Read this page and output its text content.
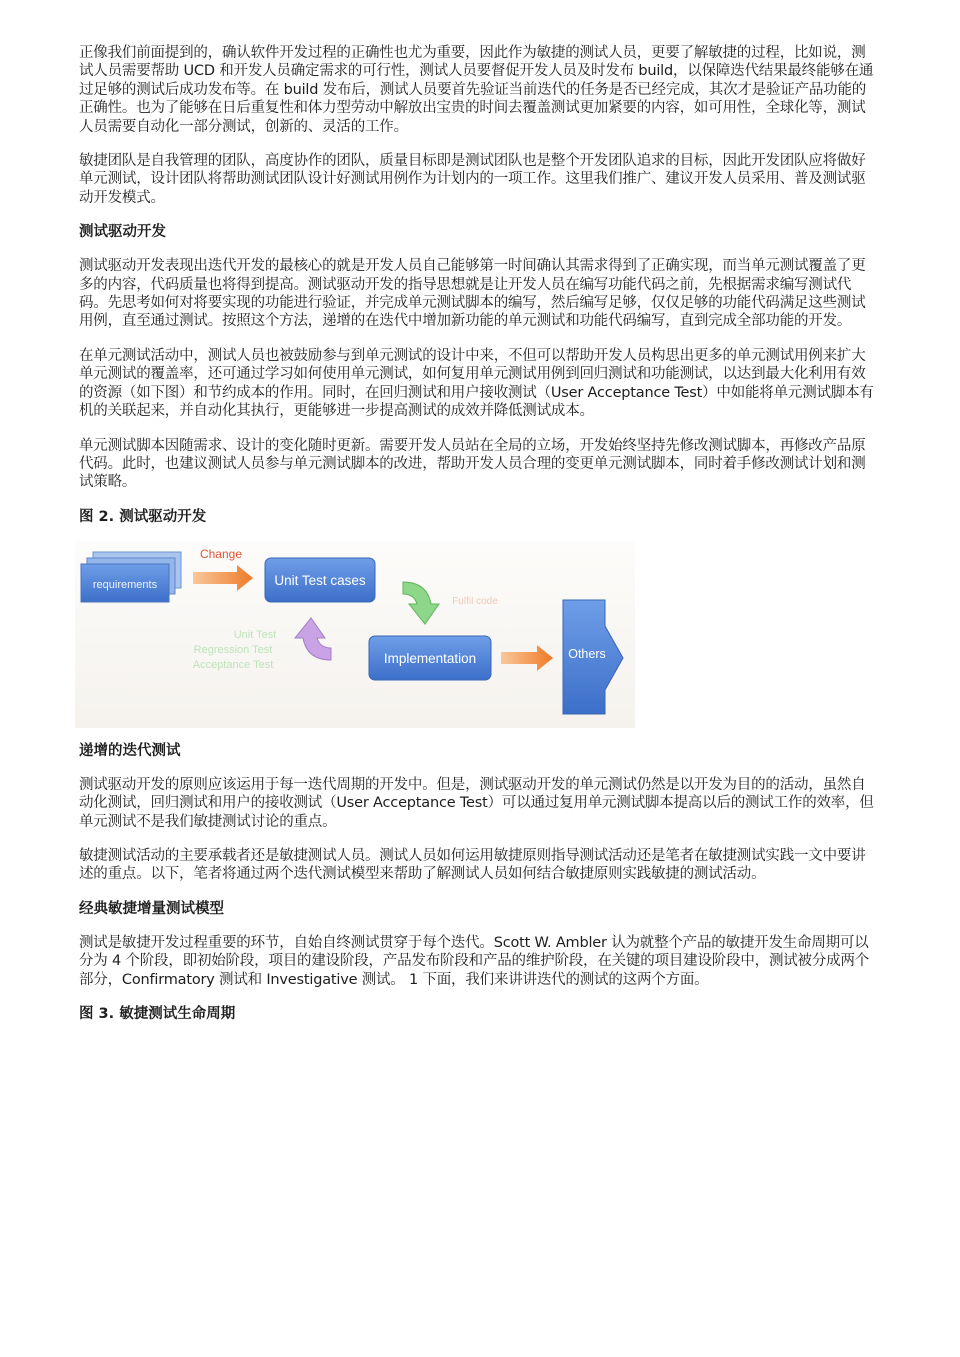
正像我们前面提到的，确认软件开发过程的正确性也尤为重要，因此作为敏捷的测试人员，更要了解敏捷的过程，比如说，测试人员需要帮助 UCD 和开发人员确定需求的可行性，测试人员要督促开发人员及时发布 build，以保障迭代结果最终能够在通过足够的测试后成功发布等。在 build 发布后，测试人员要首先验证当前迭代的任务是否已经完成，其次才是验证产品功能的正确性。也为了能够在日后重复性和体力型劳动中解放出宝贵的时间去覆盖测试更加紧要的内容，如可用性，全球化等，测试人员需要自动化一部分测试，创新的、灵活的工作。

敏捷团队是自我管理的团队，高度协作的团队，质量目标即是测试团队也是整个开发团队追求的目标，因此开发团队应将做好单元测试，设计团队将帮助测试团队设计好测试用例作为计划内的一项工作。这里我们推广、建议开发人员采用、普及测试驱动开发模式。

测试驱动开发

测试驱动开发表现出迭代开发的最核心的就是开发人员自己能够第一时间确认其需求得到了正确实现，而当单元测试覆盖了更多的内容，代码质量也将得到提高。测试驱动开发的指导思想就是让开发人员在编写功能代码之前，先根据需求编写测试代码。先思考如何对将要实现的功能进行验证，并完成单元测试脚本的编写，然后编写足够，仅仅足够的功能代码满足这些测试用例，直至通过测试。按照这个方法，递增的在迭代中增加新功能的单元测试和功能代码编写，直到完成全部功能的开发。

在单元测试活动中，测试人员也被鼓励参与到单元测试的设计中来，不但可以帮助开发人员构思出更多的单元测试用例来扩大单元测试的覆盖率，还可通过学习如何使用单元测试，如何复用单元测试用例到回归测试和功能测试，以达到最大化利用有效的资源（如下图）和节约成本的作用。同时，在回归测试和用户接收测试（User Acceptance Test）中如能将单元测试脚本有机的关联起来，并自动化其执行，更能够进一步提高测试的成效并降低测试成本。

单元测试脚本因随需求、设计的变化随时更新。需要开发人员站在全局的立场，开发始终坚持先修改测试脚本，再修改产品原代码。此时，也建议测试人员参与单元测试脚本的改进，帮助开发人员合理的变更单元测试脚本，同时着手修改测试计划和测试策略。

图 2. 测试驱动开发
requirements
Change
Unit Test cases
Fulfil code
Unit Test
Regression Test
Acceptance Test	Implementation	Others
递增的迭代测试

测试驱动开发的原则应该运用于每一迭代周期的开发中。但是，测试驱动开发的单元测试仍然是以开发为目的的活动，虽然自动化测试，回归测试和用户的接收测试（User Acceptance Test）可以通过复用单元测试脚本提高以后的测试工作的效率，但单元测试不是我们敏捷测试讨论的重点。

敏捷测试活动的主要承载者还是敏捷测试人员。测试人员如何运用敏捷原则指导测试活动还是笔者在敏捷测试实践一文中要讲述的重点。以下，笔者将通过两个迭代测试模型来帮助了解测试人员如何结合敏捷原则实践敏捷的测试活动。

经典敏捷增量测试模型

测试是敏捷开发过程重要的环节，自始自终测试贯穿于每个迭代。Scott W. Ambler 认为就整个产品的敏捷开发生命周期可以分为 4 个阶段，即初始阶段，项目的建设阶段，产品发布阶段和产品的维护阶段，在关键的项目建设阶段中，测试被分成两个部分，Confirmatory 测试和 Investigative 测试。 1 下面，我们来讲讲迭代的测试的这两个方面。

图 3. 敏捷测试生命周期
